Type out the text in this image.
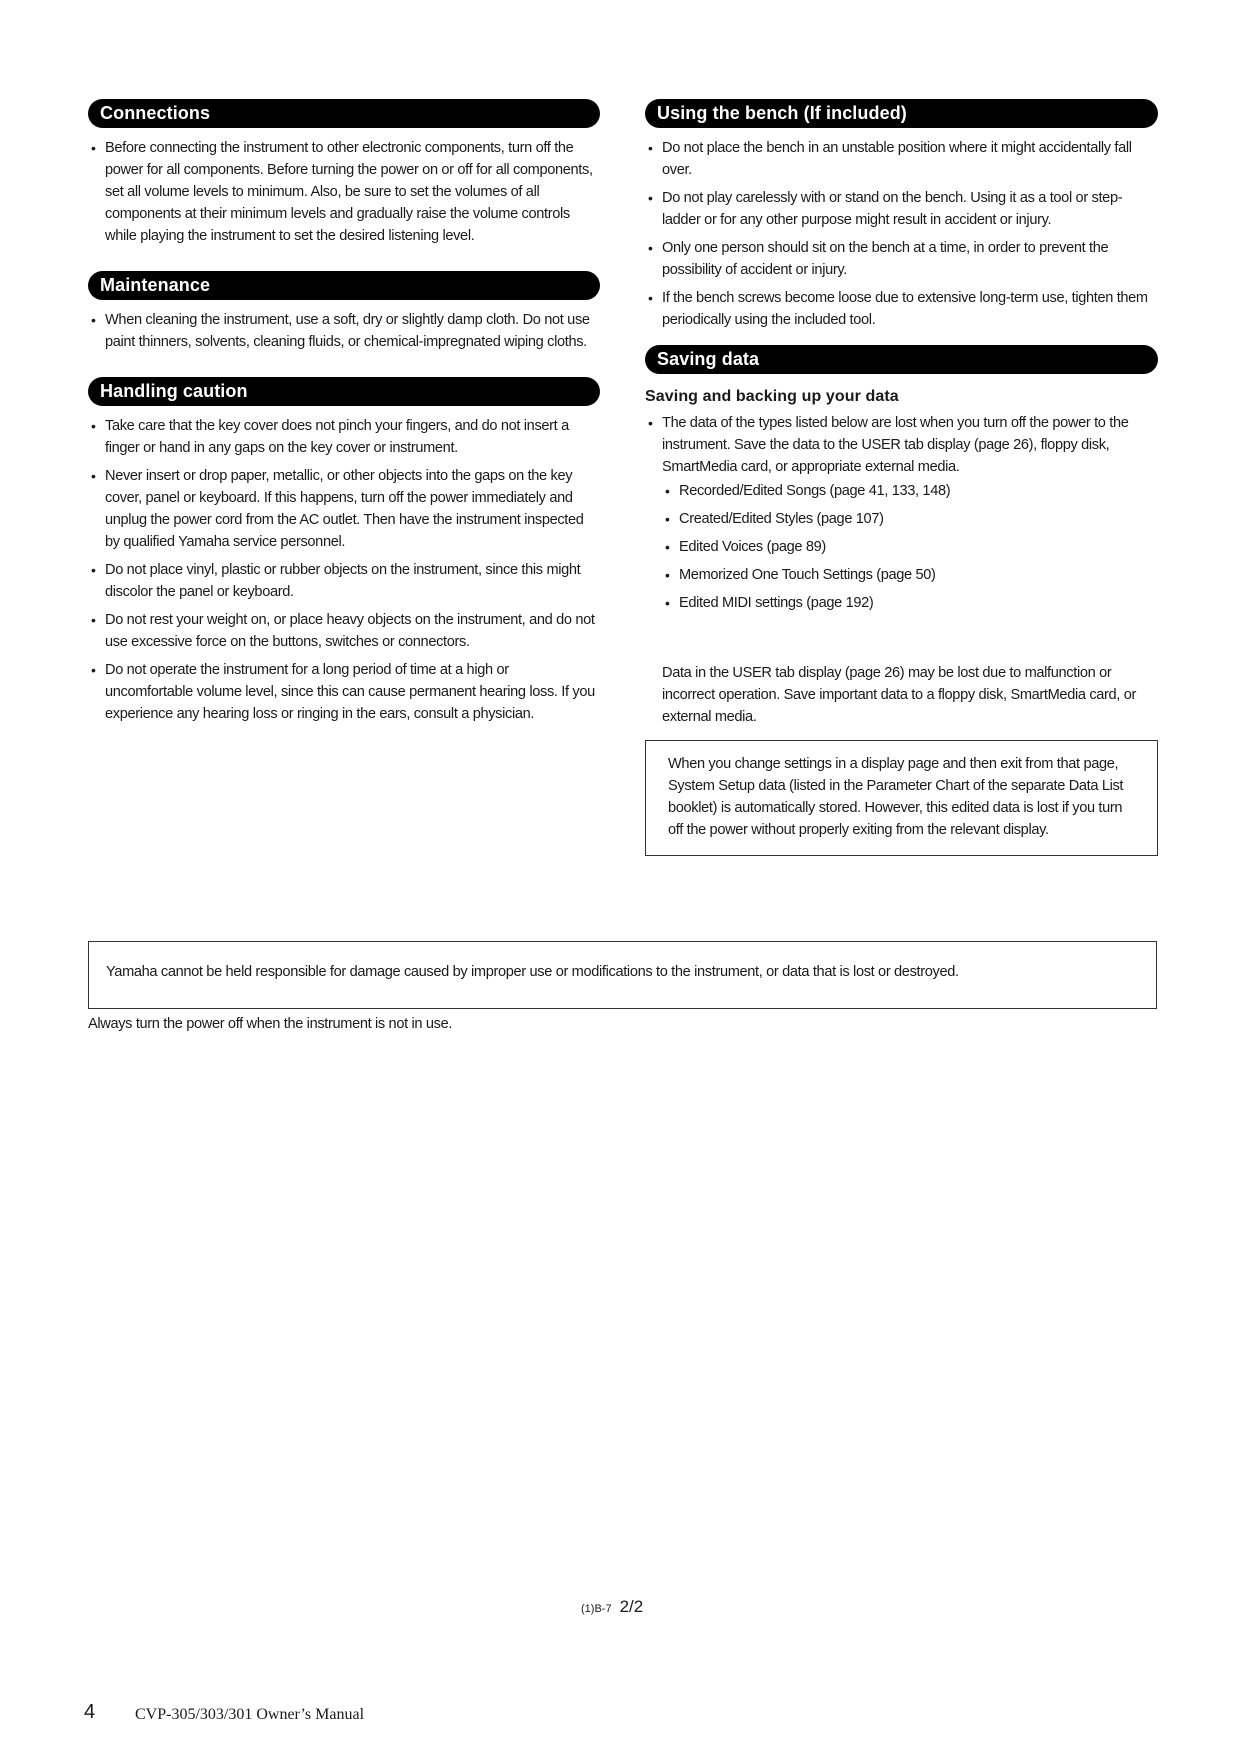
Connections
• Before connecting the instrument to other electronic components, turn off the power for all components. Before turning the power on or off for all components, set all volume levels to minimum. Also, be sure to set the volumes of all components at their minimum levels and gradually raise the volume controls while playing the instrument to set the desired listening level.
Maintenance
• When cleaning the instrument, use a soft, dry or slightly damp cloth. Do not use paint thinners, solvents, cleaning fluids, or chemical-impregnated wiping cloths.
Handling caution
• Take care that the key cover does not pinch your fingers, and do not insert a finger or hand in any gaps on the key cover or instrument.
• Never insert or drop paper, metallic, or other objects into the gaps on the key cover, panel or keyboard. If this happens, turn off the power immediately and unplug the power cord from the AC outlet. Then have the instrument inspected by qualified Yamaha service personnel.
• Do not place vinyl, plastic or rubber objects on the instrument, since this might discolor the panel or keyboard.
• Do not rest your weight on, or place heavy objects on the instrument, and do not use excessive force on the buttons, switches or connectors.
• Do not operate the instrument for a long period of time at a high or uncomfortable volume level, since this can cause permanent hearing loss. If you experience any hearing loss or ringing in the ears, consult a physician.
Using the bench (If included)
• Do not place the bench in an unstable position where it might accidentally fall over.
• Do not play carelessly with or stand on the bench. Using it as a tool or step-ladder or for any other purpose might result in accident or injury.
• Only one person should sit on the bench at a time, in order to prevent the possibility of accident or injury.
• If the bench screws become loose due to extensive long-term use, tighten them periodically using the included tool.
Saving data
Saving and backing up your data
• The data of the types listed below are lost when you turn off the power to the instrument. Save the data to the USER tab display (page 26), floppy disk, SmartMedia card, or appropriate external media.
• Recorded/Edited Songs (page 41, 133, 148)
• Created/Edited Styles (page 107)
• Edited Voices (page 89)
• Memorized One Touch Settings (page 50)
• Edited MIDI settings (page 192)
Data in the USER tab display (page 26) may be lost due to malfunction or incorrect operation. Save important data to a floppy disk, SmartMedia card, or external media.
When you change settings in a display page and then exit from that page, System Setup data (listed in the Parameter Chart of the separate Data List booklet) is automatically stored. However, this edited data is lost if you turn off the power without properly exiting from the relevant display.
Yamaha cannot be held responsible for damage caused by improper use or modifications to the instrument, or data that is lost or destroyed.
Always turn the power off when the instrument is not in use.
(1)B-7 2/2
4 CVP-305/303/301 Owner’s Manual
